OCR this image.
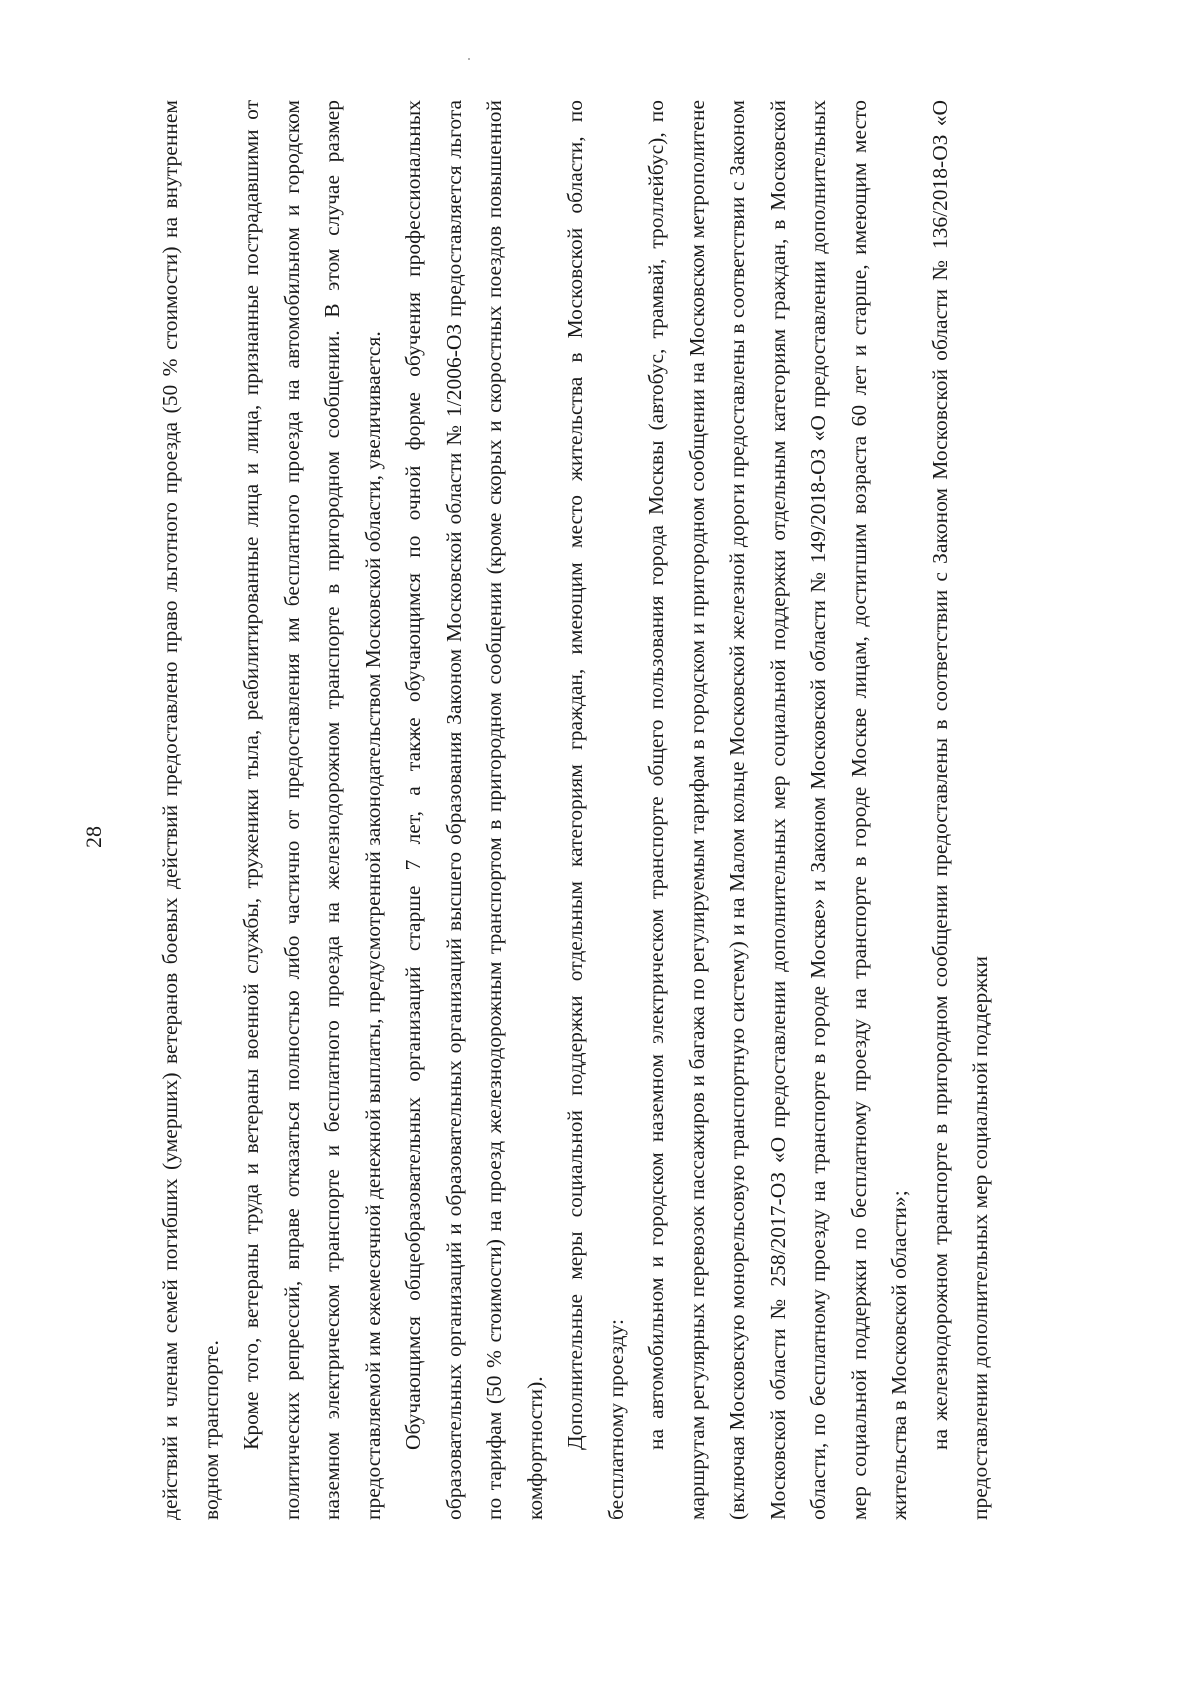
28	действий и членам семей погибших (умерших) ветеранов боевых действий предоставлено право льготного проезда (50 % стоимости) на внутреннем водном транспорте. Кроме того, ветераны труда и ветераны военной службы, труженики тыла, реабилитированные лица и лица, признанные пострадавшими от политических репрессий, вправе отказаться полностью либо частично от предоставления им бесплатного проезда на автомобильном и городском наземном электрическом транспорте и бесплатного проезда на железнодорожном транспорте в пригородном сообщении. В этом случае размер предоставляемой им ежемесячной денежной выплаты, предусмотренной законодательством Московской области, увеличивается. Обучающимся общеобразовательных организаций старше 7 лет, а также обучающимся по очной форме обучения профессиональных образовательных организаций и образовательных организаций высшего образования Законом Московской области № 1/2006-ОЗ предоставляется льгота по тарифам (50 % стоимости) на проезд железнодорожным транспортом в пригородном сообщении (кроме скорых и скоростных поездов повышенной комфортности). Дополнительные меры социальной поддержки отдельным категориям граждан, имеющим место жительства в Московской области, по бесплатному проезду: на автомобильном и городском наземном электрическом транспорте общего пользования города Москвы (автобус, трамвай, троллейбус), по маршрутам регулярных перевозок пассажиров и багажа по регулируемым тарифам в городском и пригородном сообщении на Московском метрополитене (включая Московскую монорельсовую транспортную систему) и на Малом кольце Московской железной дороги предоставлены в соответствии с Законом Московской области № 258/2017-ОЗ «О предоставлении дополнительных мер социальной поддержки отдельным категориям граждан, в Московской области, по бесплатному проезду на транспорте в городе Москве» и Законом Московской области № 149/2018-ОЗ «О предоставлении дополнительных мер социальной поддержки по бесплатному проезду на транспорте в городе Москве лицам, достигшим возраста 60 лет и старше, имеющим место жительства в Московской области»; на железнодорожном транспорте в пригородном сообщении предоставлены в соответствии с Законом Московской области № 136/2018-ОЗ «О предоставлении дополнительных мер социальной поддержки
